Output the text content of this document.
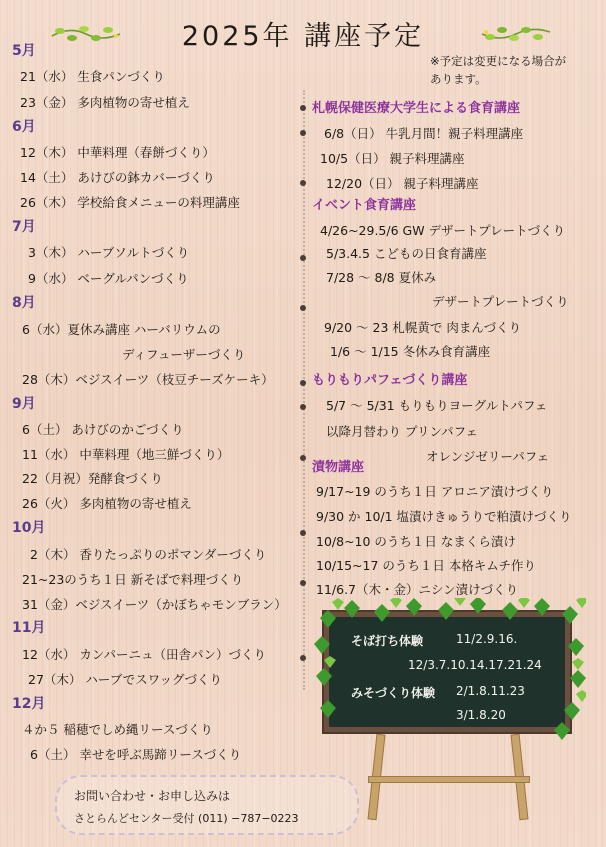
2025年 講座予定
※予定は変更になる場合が
あります。
5月
21（水） 生食パンづくり
23（金） 多肉植物の寄せ植え
6月
12（木） 中華料理（春餅づくり）
14（土） あけびの鉢カバーづくり
26（木） 学校給食メニューの料理講座
7月
3（木） ハーブソルトづくり
9（水） ベーグルパンづくり
8月
6（水）夏休み講座 ハーバリウムの
ディフューザーづくり
28（木）ベジスイーツ（枝豆チーズケーキ）
9月
6（土） あけびのかごづくり
11（水） 中華料理（地三鮮づくり）
22（月祝）発酵食づくり
26（火） 多肉植物の寄せ植え
10月
2（木） 香りたっぷりのポマンダーづくり
21~23のうち１日 新そばで料理づくり
31（金）ベジスイーツ（かぼちゃモンブラン）
11月
12（水） カンパーニュ（田舎パン）づくり
27（木） ハーブでスワッグづくり
12月
４か５ 稲穂でしめ縄リースづくり
6（土） 幸せを呼ぶ馬蹄リースづくり
札幌保健医療大学生による食育講座
6/8（日） 牛乳月間！親子料理講座
10/5（日） 親子料理講座
12/20（日） 親子料理講座
イベント食育講座
4/26~29.5/6 GW デザートプレートづくり
5/3.4.5 こどもの日食育講座
7/28 ～ 8/8 夏休み
デザートプレートづくり
9/20 ～ 23 札幌黄で 肉まんづくり
1/6 ～ 1/15 冬休み食育講座
もりもりパフェづくり講座
5/7 ～ 5/31 もりもりヨーグルトパフェ
以降月替わり プリンパフェ
オレンジゼリーパフェ
漬物講座
9/17~19 のうち１日 アロニア漬けづくり
9/30 か 10/1 塩漬けきゅうりで粕漬けづくり
10/8~10 のうち１日 なまくら漬け
10/15~17 のうち１日 本格キムチ作り
11/6.7（木・金）ニシン漬けづくり
そば打ち体験	11/2.9.16.
12/3.7.10.14.17.21.24
みそづくり体験 2/1.8.11.23
3/1.8.20
お問い合わせ・お申し込みは
さとらんどセンター受付 (011) −787−0223
